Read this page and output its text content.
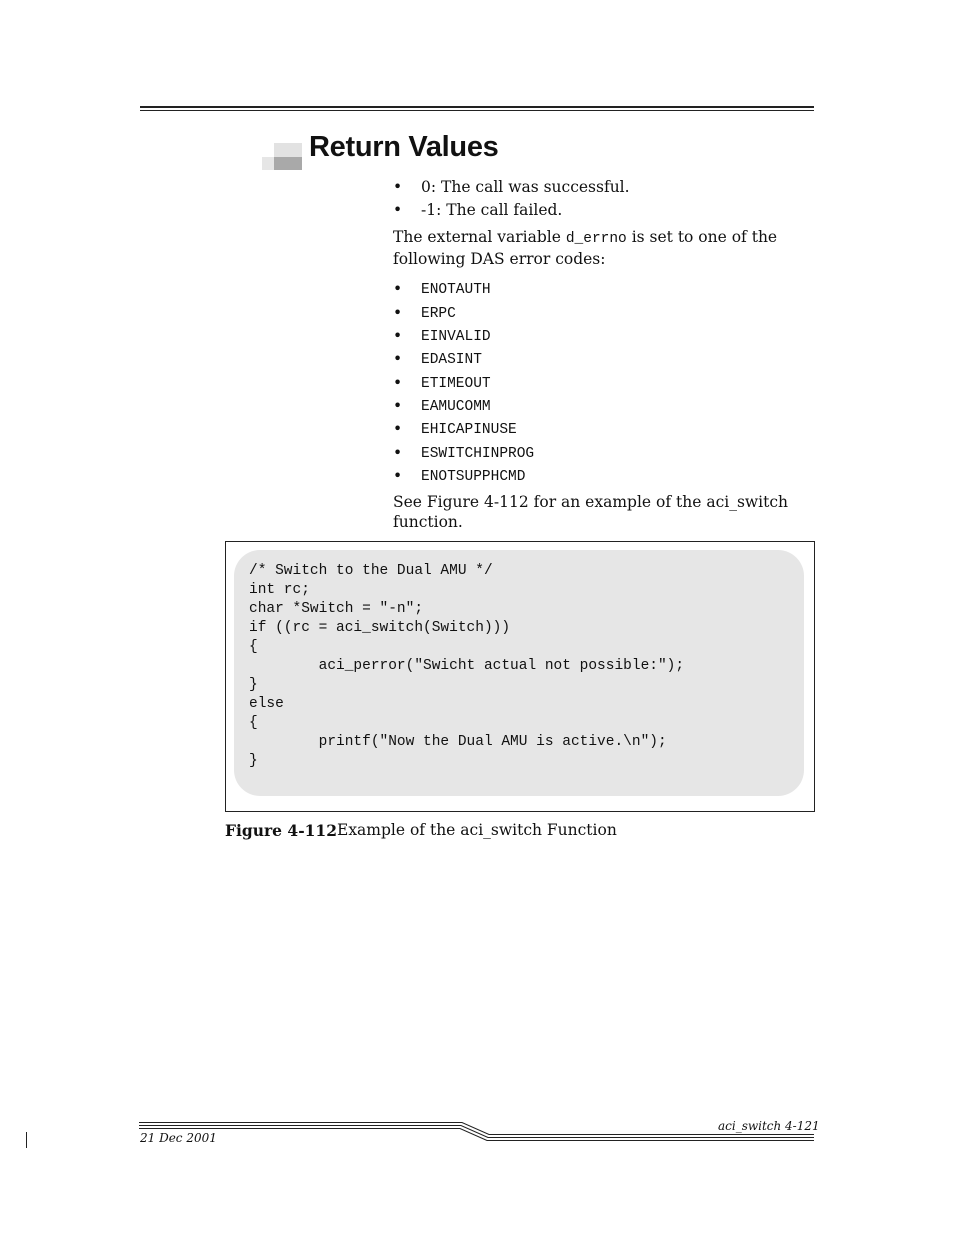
Return Values
• 0: The call was successful.
• -1: The call failed.
The external variable d_errno is set to one of the following DAS error codes:
• ENOTAUTH
• ERPC
• EINVALID
• EDASINT
• ETIMEOUT
• EAMUCOMM
• EHICAPINUSE
• ESWITCHINPROG
• ENOTSUPPHCMD
See Figure 4-112 for an example of the aci_switch function.
/* Switch to the Dual AMU */
int rc;
char *Switch = "-n";
if ((rc = aci_switch(Switch)))
{
aci_perror("Swicht actual not possible:");
}
else
{
printf("Now the Dual AMU is active.\n");
}
Figure 4-112 Example of the aci_switch Function
aci_switch 4-121
21 Dec 2001
